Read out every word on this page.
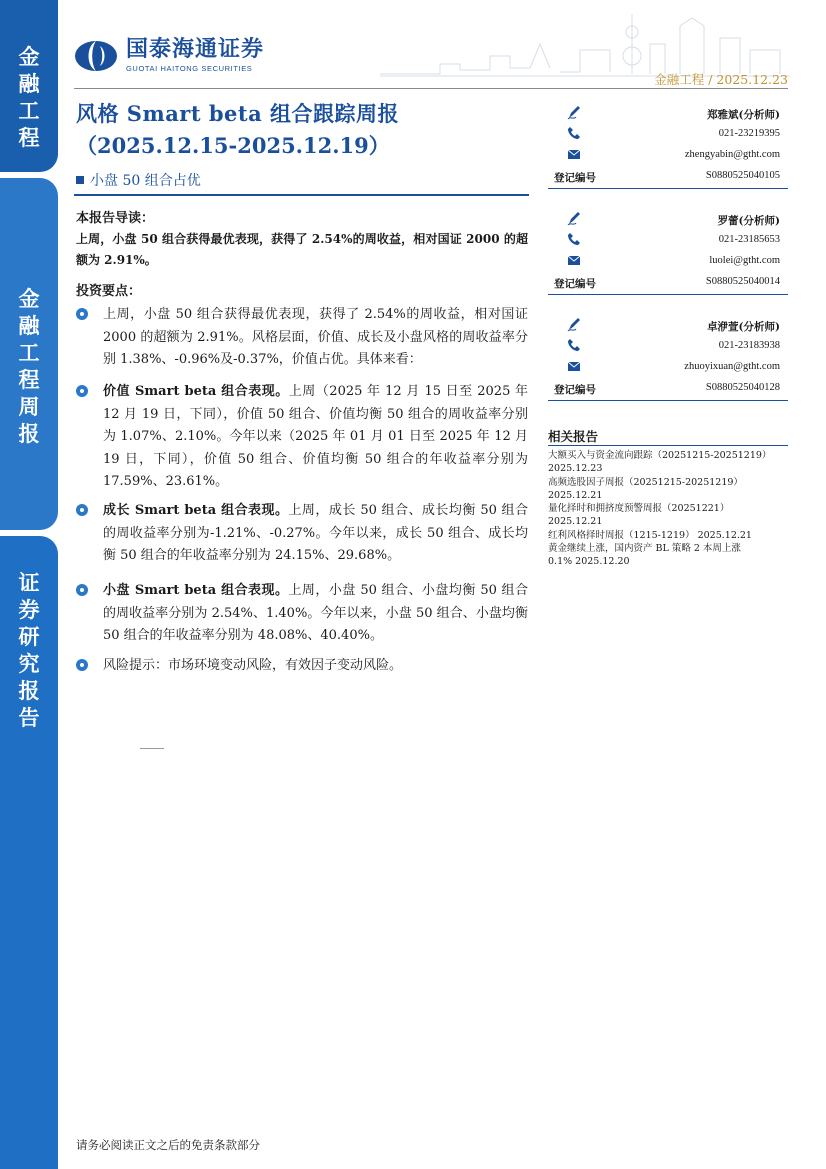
金
融
工
程
金
融
工
程
周
报
证
券
研
究
报
告
国泰海通证券
GUOTAI HAITONG SECURITIES
金融工程 / 2025.12.23
风格 Smart beta 组合跟踪周报
（2025.12.15-2025.12.19）
小盘 50 组合占优
本报告导读：
上周，小盘 50 组合获得最优表现，获得了 2.54%的周收益，相对国证 2000 的超额为 2.91%。
投资要点：

上周，小盘 50 组合获得最优表现，获得了 2.54%的周收益，相对国证 2000 的超额为 2.91%。风格层面，价值、成长及小盘风格的周收益率分别 1.38%、-0.96%及-0.37%，价值占优。具体来看：

价值 Smart beta 组合表现。上周（2025 年 12 月 15 日至 2025 年 12 月 19 日，下同），价值 50 组合、价值均衡 50 组合的周收益率分别为 1.07%、2.10%。今年以来（2025 年 01 月 01 日至 2025 年 12 月 19 日，下同），价值 50 组合、价值均衡 50 组合的年收益率分别为 17.59%、23.61%。

成长 Smart beta 组合表现。上周，成长 50 组合、成长均衡 50 组合的周收益率分别为-1.21%、-0.27%。今年以来，成长 50 组合、成长均衡 50 组合的年收益率分别为 24.15%、29.68%。

小盘 Smart beta 组合表现。上周，小盘 50 组合、小盘均衡 50 组合的周收益率分别为 2.54%、1.40%。今年以来，小盘 50 组合、小盘均衡 50 组合的年收益率分别为 48.08%、40.40%。

风险提示：市场环境变动风险，有效因子变动风险。

郑雅斌(分析师)
021-23219395
zhengyabin@gtht.com
登记编号	S0880525040105
罗蕾(分析师)
021-23185653
luolei@gtht.com
登记编号	S0880525040014
卓洢萱(分析师)
021-23183938
zhuoyixuan@gtht.com
登记编号	S0880525040128
相关报告
大额买入与资金流向跟踪（20251215-20251219）
2025.12.23
高频选股因子周报（20251215-20251219）
2025.12.21
量化择时和拥挤度预警周报（20251221）
2025.12.21
红利风格择时周报（1215-1219） 2025.12.21
黄金继续上涨，国内资产 BL 策略 2 本周上涨
0.1% 2025.12.20
请务必阅读正文之后的免责条款部分
